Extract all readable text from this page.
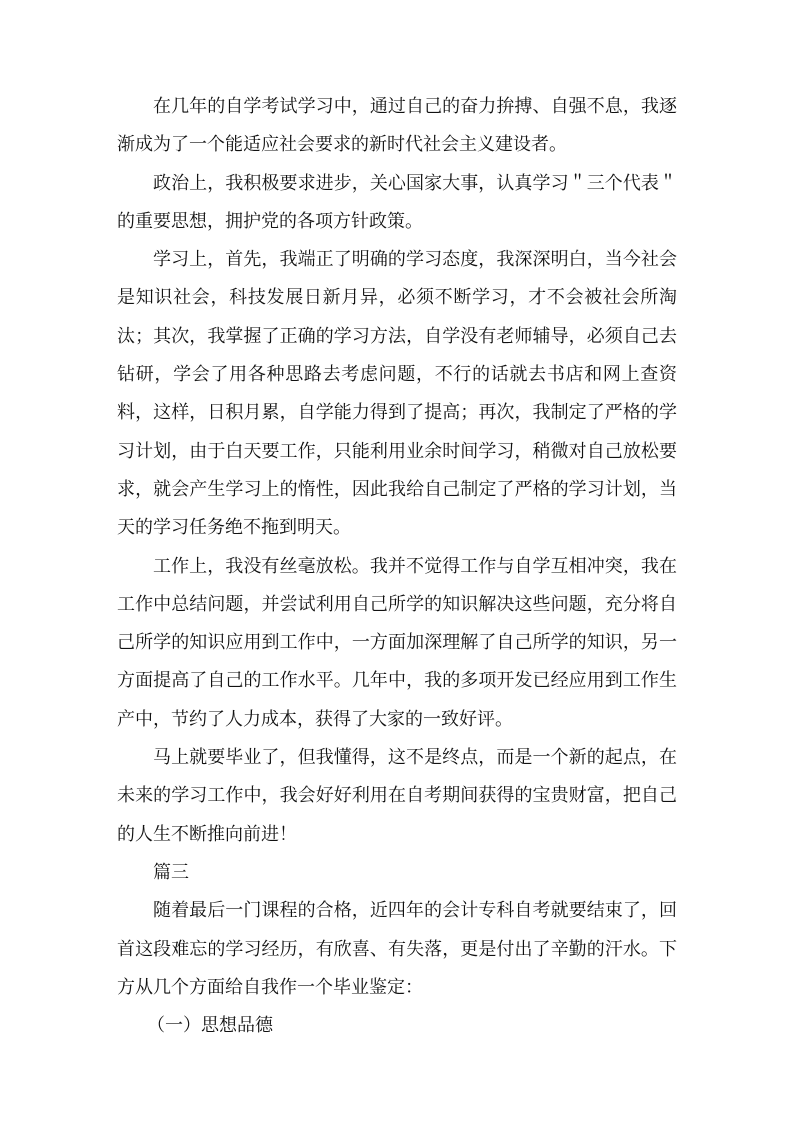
在几年的自学考试学习中，通过自己的奋力拚搏、自强不息，我逐渐成为了一个能适应社会要求的新时代社会主义建设者。

政治上，我积极要求进步，关心国家大事，认真学习＂三个代表＂的重要思想，拥护党的各项方针政策。

学习上，首先，我端正了明确的学习态度，我深深明白，当今社会是知识社会，科技发展日新月异，必须不断学习，才不会被社会所淘汰；其次，我掌握了正确的学习方法，自学没有老师辅导，必须自己去钻研，学会了用各种思路去考虑问题，不行的话就去书店和网上查资料，这样，日积月累，自学能力得到了提高；再次，我制定了严格的学习计划，由于白天要工作，只能利用业余时间学习，稍微对自己放松要求，就会产生学习上的惰性，因此我给自己制定了严格的学习计划，当天的学习任务绝不拖到明天。

工作上，我没有丝毫放松。我并不觉得工作与自学互相冲突，我在工作中总结问题，并尝试利用自己所学的知识解决这些问题，充分将自己所学的知识应用到工作中，一方面加深理解了自己所学的知识，另一方面提高了自己的工作水平。几年中，我的多项开发已经应用到工作生产中，节约了人力成本，获得了大家的一致好评。

马上就要毕业了，但我懂得，这不是终点，而是一个新的起点，在未来的学习工作中，我会好好利用在自考期间获得的宝贵财富，把自己的人生不断推向前进！

篇三

随着最后一门课程的合格，近四年的会计专科自考就要结束了，回首这段难忘的学习经历，有欣喜、有失落，更是付出了辛勤的汗水。下方从几个方面给自我作一个毕业鉴定：

（一）思想品德
